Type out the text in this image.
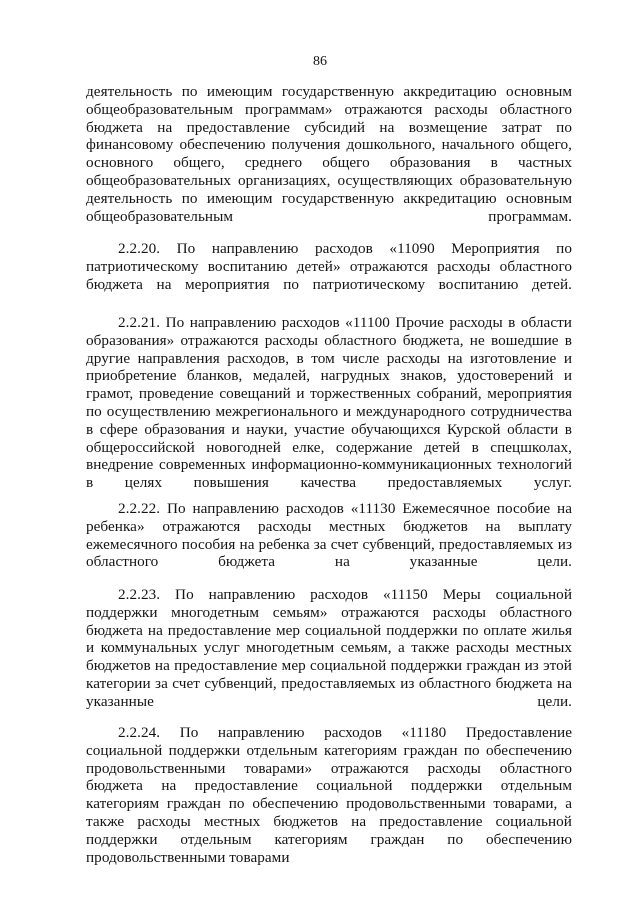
86
деятельность по имеющим государственную аккредитацию основным общеобразовательным программам» отражаются расходы областного бюджета на предоставление субсидий на возмещение затрат по финансовому обеспечению получения дошкольного, начального общего, основного общего, среднего общего образования в частных общеобразовательных организациях, осуществляющих образовательную деятельность по имеющим государственную аккредитацию основным общеобразовательным программам.
2.2.20. По направлению расходов «11090 Мероприятия по патриотическому воспитанию детей» отражаются расходы областного бюджета на мероприятия по патриотическому воспитанию детей.
2.2.21. По направлению расходов «11100 Прочие расходы в области образования» отражаются расходы областного бюджета, не вошедшие в другие направления расходов, в том числе расходы на изготовление и приобретение бланков, медалей, нагрудных знаков, удостоверений и грамот, проведение совещаний и торжественных собраний, мероприятия по осуществлению межрегионального и международного сотрудничества в сфере образования и науки, участие обучающихся Курской области в общероссийской новогодней елке, содержание детей в спецшколах, внедрение современных информационно-коммуникационных технологий в целях повышения качества предоставляемых услуг.
2.2.22. По направлению расходов «11130 Ежемесячное пособие на ребенка» отражаются расходы местных бюджетов на выплату ежемесячного пособия на ребенка за счет субвенций, предоставляемых из областного бюджета на указанные цели.
2.2.23. По направлению расходов «11150 Меры социальной поддержки многодетным семьям» отражаются расходы областного бюджета на предоставление мер социальной поддержки по оплате жилья и коммунальных услуг многодетным семьям, а также расходы местных бюджетов на предоставление мер социальной поддержки граждан из этой категории за счет субвенций, предоставляемых из областного бюджета на указанные цели.
2.2.24. По направлению расходов «11180 Предоставление социальной поддержки отдельным категориям граждан по обеспечению продовольственными товарами» отражаются расходы областного бюджета на предоставление социальной поддержки отдельным категориям граждан по обеспечению продовольственными товарами, а также расходы местных бюджетов на предоставление социальной поддержки отдельным категориям граждан по обеспечению продовольственными товарами
